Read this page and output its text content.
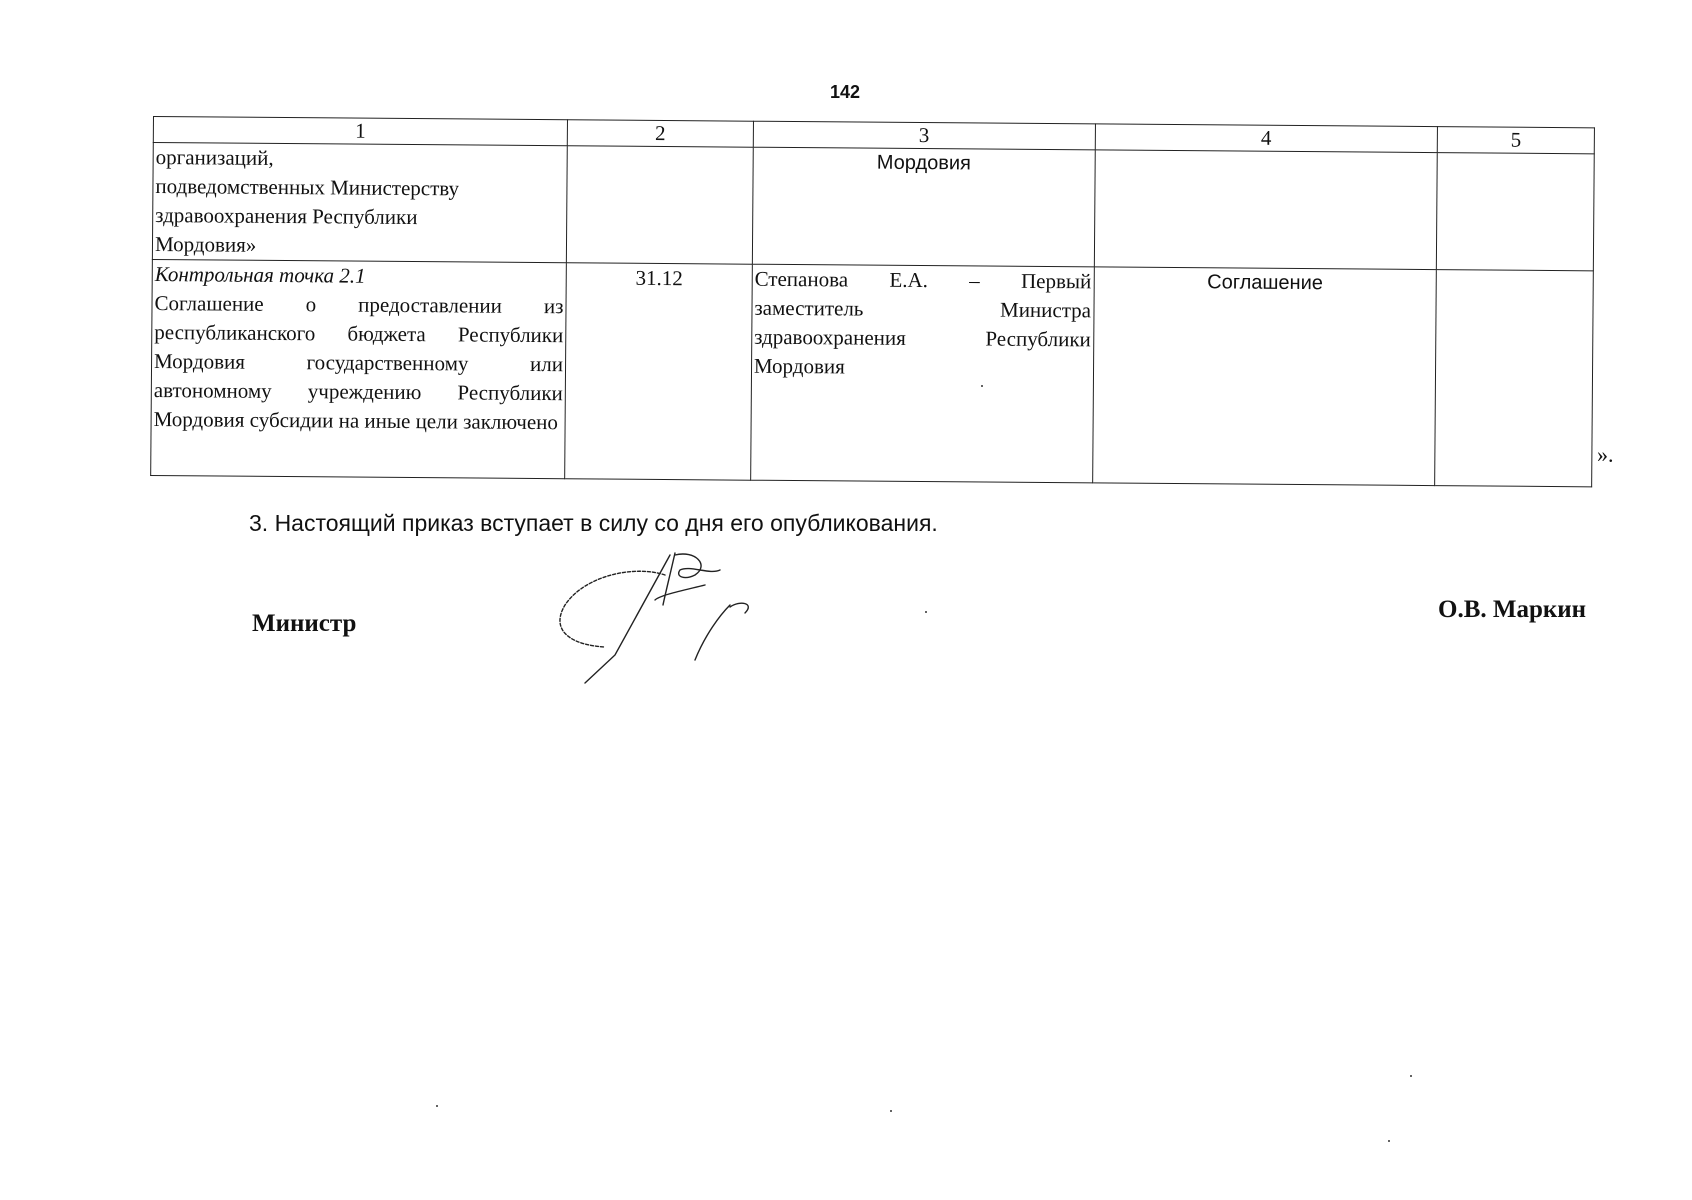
142
1	2	3	4	5

организаций,
подведомственных Министерству
здравоохранения Республики
Мордовия»		Мордовия		

Контрольная точка 2.1
Соглашение о предоставлении из республиканского бюджета Республики Мордовия государственному или автономному учреждению Республики Мордовия субсидии на иные цели заключено	31.12	Степанова Е.А. – Первый заместитель Министра здравоохранения Республики Мордовия	Соглашение	
».
3. Настоящий приказ вступает в силу со дня его опубликования.
Министр
О.В. Маркин
